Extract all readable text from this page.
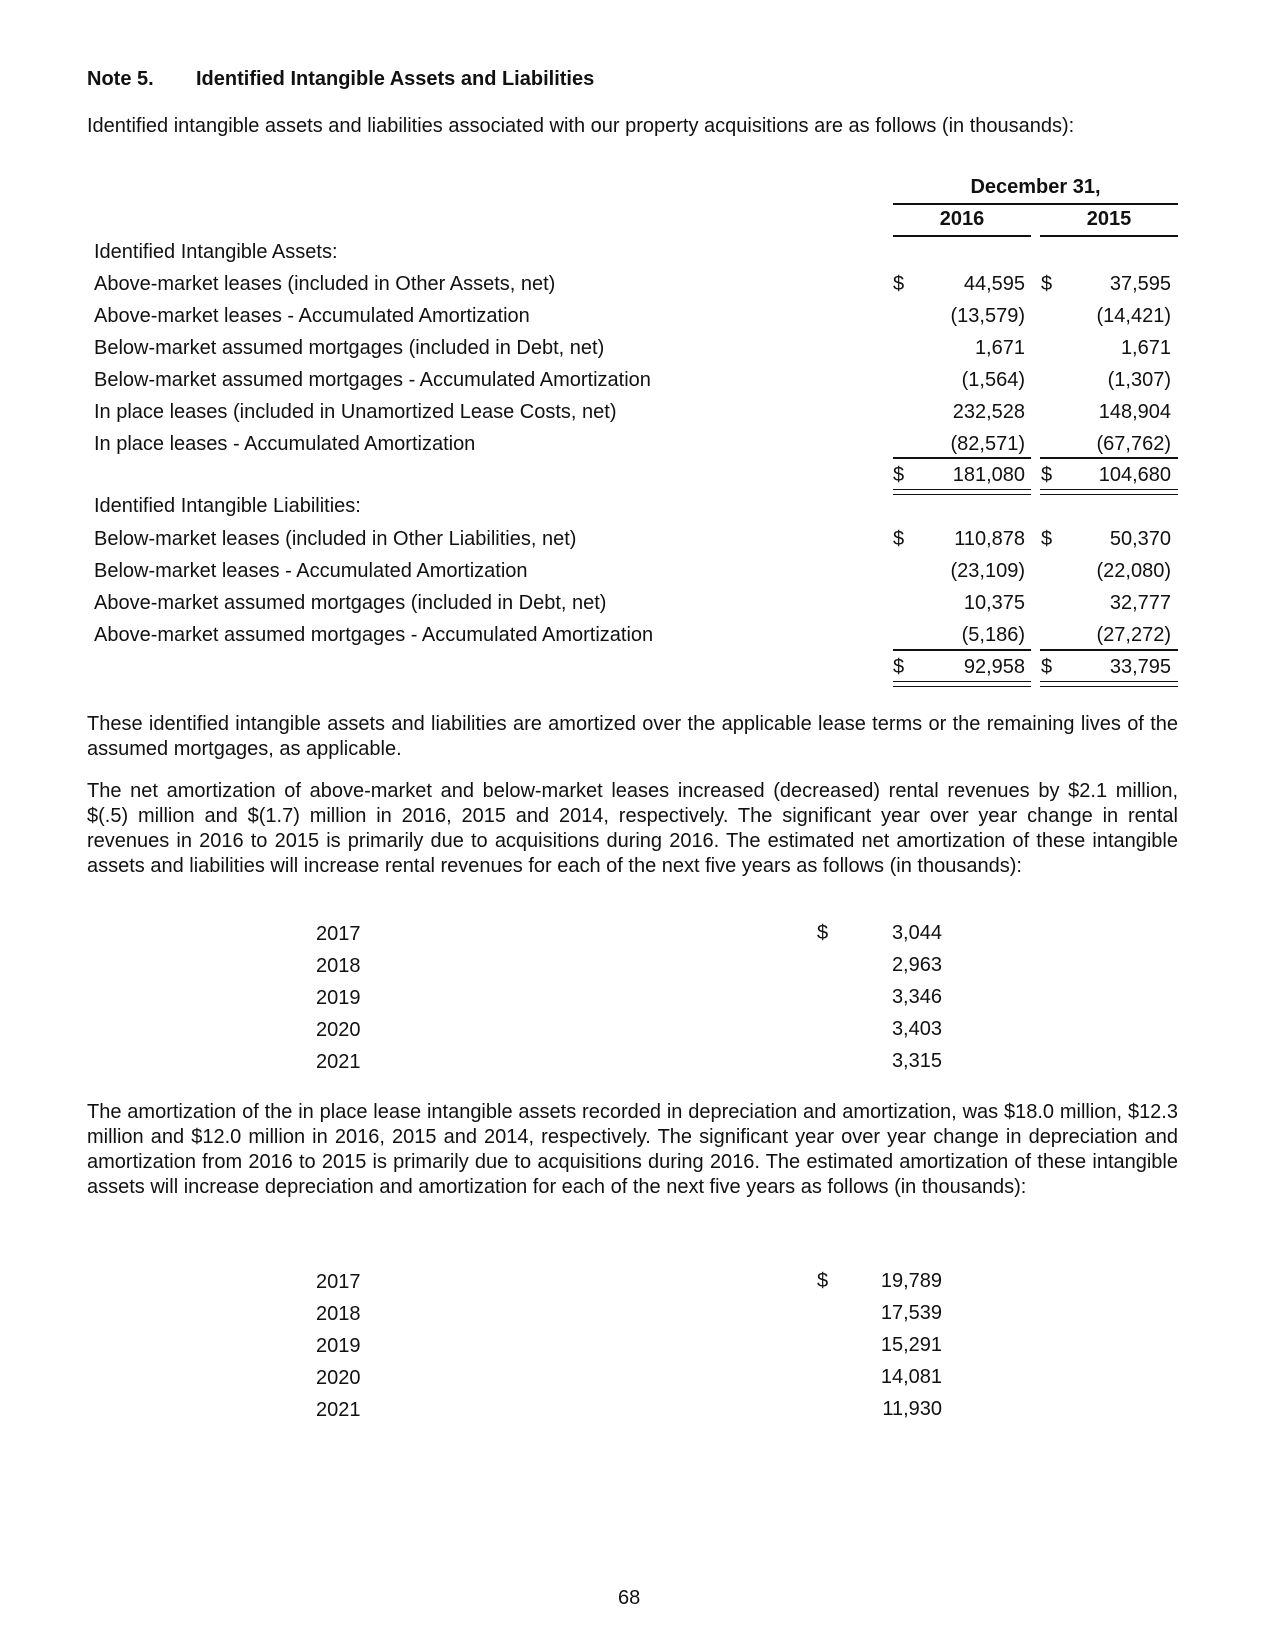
Note 5. Identified Intangible Assets and Liabilities
Identified intangible assets and liabilities associated with our property acquisitions are as follows (in thousands):
December 31,
2016	2015
Identified Intangible Assets:
Above-market leases (included in Other Assets, net)	$	44,595 $	37,595
Above-market leases - Accumulated Amortization	(13,579)	(14,421)
Below-market assumed mortgages (included in Debt, net)	1,671	1,671
Below-market assumed mortgages - Accumulated Amortization	(1,564)	(1,307)
In place leases (included in Unamortized Lease Costs, net)	232,528	148,904
In place leases - Accumulated Amortization	(82,571)	(67,762)
$	181,080 $	104,680
Identified Intangible Liabilities:
Below-market leases (included in Other Liabilities, net)	$	110,878 $	50,370
Below-market leases - Accumulated Amortization	(23,109)	(22,080)
Above-market assumed mortgages (included in Debt, net)	10,375	32,777
Above-market assumed mortgages - Accumulated Amortization	(5,186)	(27,272)
$	92,958 $	33,795
These identified intangible assets and liabilities are amortized over the applicable lease terms or the remaining lives of the assumed mortgages, as applicable.
The net amortization of above-market and below-market leases increased (decreased) rental revenues by $2.1 million, $(.5) million and $(1.7) million in 2016, 2015 and 2014, respectively. The significant year over year change in rental revenues in 2016 to 2015 is primarily due to acquisitions during 2016. The estimated net amortization of these intangible assets and liabilities will increase rental revenues for each of the next five years as follows (in thousands):
$
2017	3,044
2018	2,963
2019	3,346
2020	3,403
2021	3,315
The amortization of the in place lease intangible assets recorded in depreciation and amortization, was $18.0 million, $12.3 million and $12.0 million in 2016, 2015 and 2014, respectively. The significant year over year change in depreciation and amortization from 2016 to 2015 is primarily due to acquisitions during 2016. The estimated amortization of these intangible assets will increase depreciation and amortization for each of the next five years as follows (in thousands):
$
2017	19,789
2018	17,539
2019	15,291
2020	14,081
2021	11,930
68
